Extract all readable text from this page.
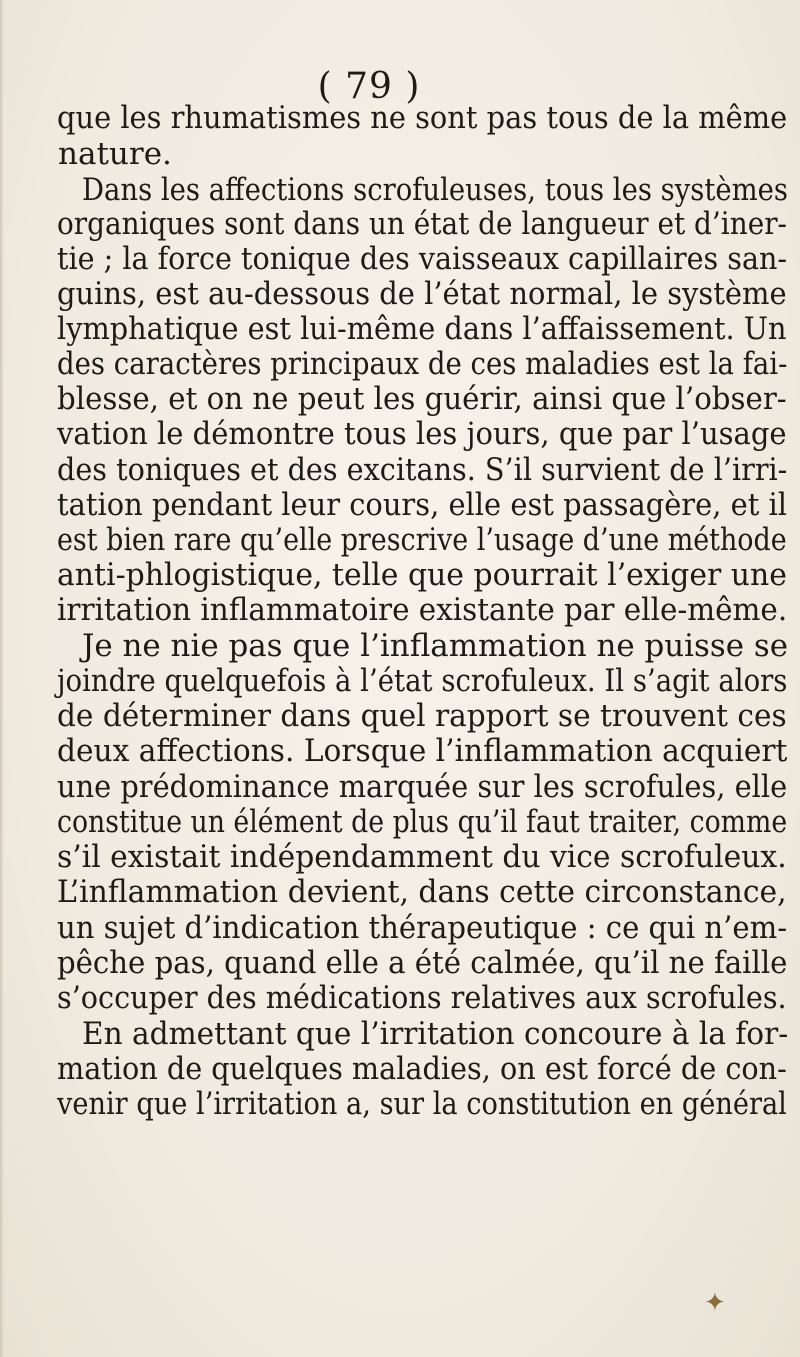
( 79 )
que les rhumatismes ne sont pas tous de la même
nature.
Dans les affections scrofuleuses, tous les systèmes
organiques sont dans un état de langueur et d’iner-
tie ; la force tonique des vaisseaux capillaires san-
guins, est au-dessous de l’état normal, le système
lymphatique est lui-même dans l’affaissement. Un
des caractères principaux de ces maladies est la fai-
blesse, et on ne peut les guérir, ainsi que l’obser-
vation le démontre tous les jours, que par l’usage
des toniques et des excitans. S’il survient de l’irri-
tation pendant leur cours, elle est passagère, et il
est bien rare qu’elle prescrive l’usage d’une méthode
anti-phlogistique, telle que pourrait l’exiger une
irritation inflammatoire existante par elle-même.
Je ne nie pas que l’inflammation ne puisse se
joindre quelquefois à l’état scrofuleux. Il s’agit alors
de déterminer dans quel rapport se trouvent ces
deux affections. Lorsque l’inflammation acquiert
une prédominance marquée sur les scrofules, elle
constitue un élément de plus qu’il faut traiter, comme
s’il existait indépendamment du vice scrofuleux.
L’inflammation devient, dans cette circonstance,
un sujet d’indication thérapeutique : ce qui n’em-
pêche pas, quand elle a été calmée, qu’il ne faille
s’occuper des médications relatives aux scrofules.
En admettant que l’irritation concoure à la for-
mation de quelques maladies, on est forcé de con-
venir que l’irritation a, sur la constitution en général
✦
